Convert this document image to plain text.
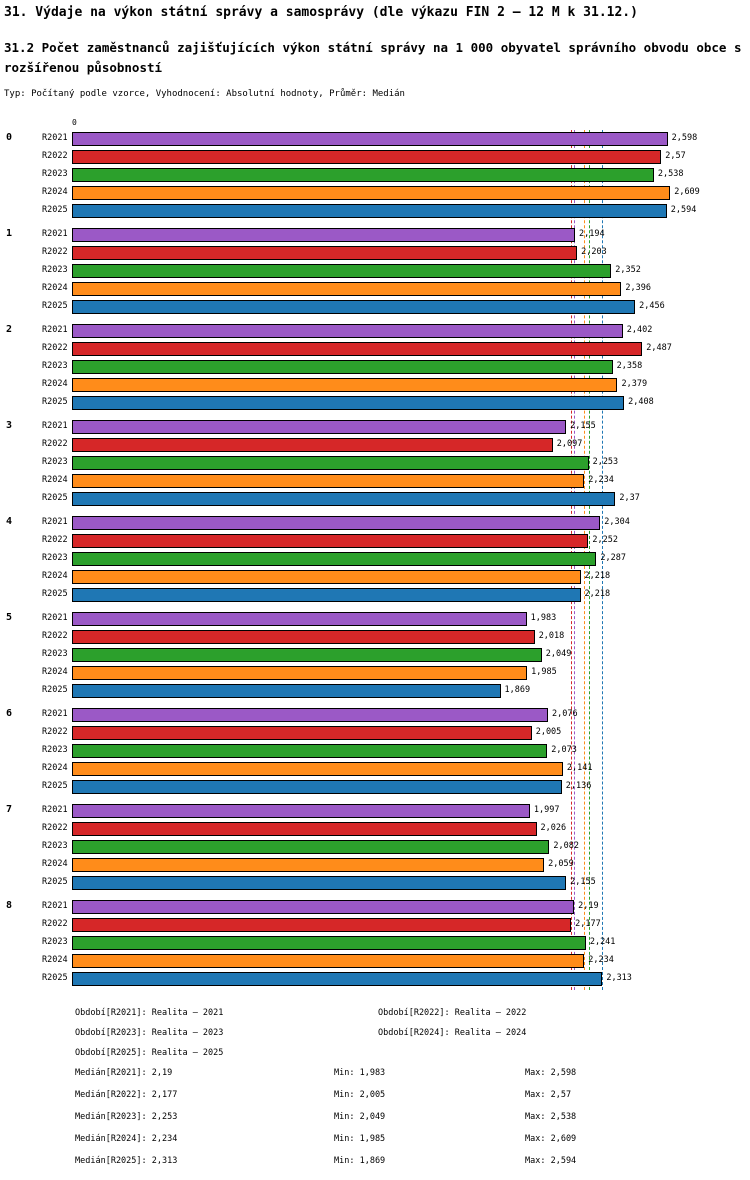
31. Výdaje na výkon státní správy a samosprávy (dle výkazu FIN 2 – 12 M k 31.12.)
31.2 Počet zaměstnanců zajišťujících výkon státní správy na 1 000 obyvatel správního obvodu obce s rozšířenou působností
Typ: Počítaný podle vzorce, Vyhodnocení: Absolutní hodnoty, Průměr: Medián
0
0	R2021	2,598
R2022	2,57
R2023	2,538
R2024	2,609
R2025	2,594
1	R2021	2,194
R2022	2,203
R2023	2,352
R2024	2,396
R2025	2,456
2	R2021	2,402
R2022	2,487
R2023	2,358
R2024	2,379
R2025	2,408
3	R2021	2,155
R2022	2,097
R2023	2,253
R2024	2,234
R2025	2,37
4	R2021	2,304
R2022	2,252
R2023	2,287
R2024	2,218
R2025	2,218
5	R2021	1,983
R2022	2,018
R2023	2,049
R2024	1,985
R2025	1,869
6	R2021	2,076
R2022	2,005
R2023	2,073
R2024	2,141
R2025	2,136
7	R2021	1,997
R2022	2,026
R2023	2,082
R2024	2,059
R2025	2,155
8	R2021	2,19
R2022	2,177
R2023	2,241
R2024	2,234
R2025	2,313
Období[R2021]: Realita – 2021	Období[R2022]: Realita – 2022
Období[R2023]: Realita – 2023	Období[R2024]: Realita – 2024
Období[R2025]: Realita – 2025
Medián[R2021]: 2,19	Min: 1,983	Max: 2,598
Medián[R2022]: 2,177	Min: 2,005	Max: 2,57
Medián[R2023]: 2,253	Min: 2,049	Max: 2,538
Medián[R2024]: 2,234	Min: 1,985	Max: 2,609
Medián[R2025]: 2,313	Min: 1,869	Max: 2,594
